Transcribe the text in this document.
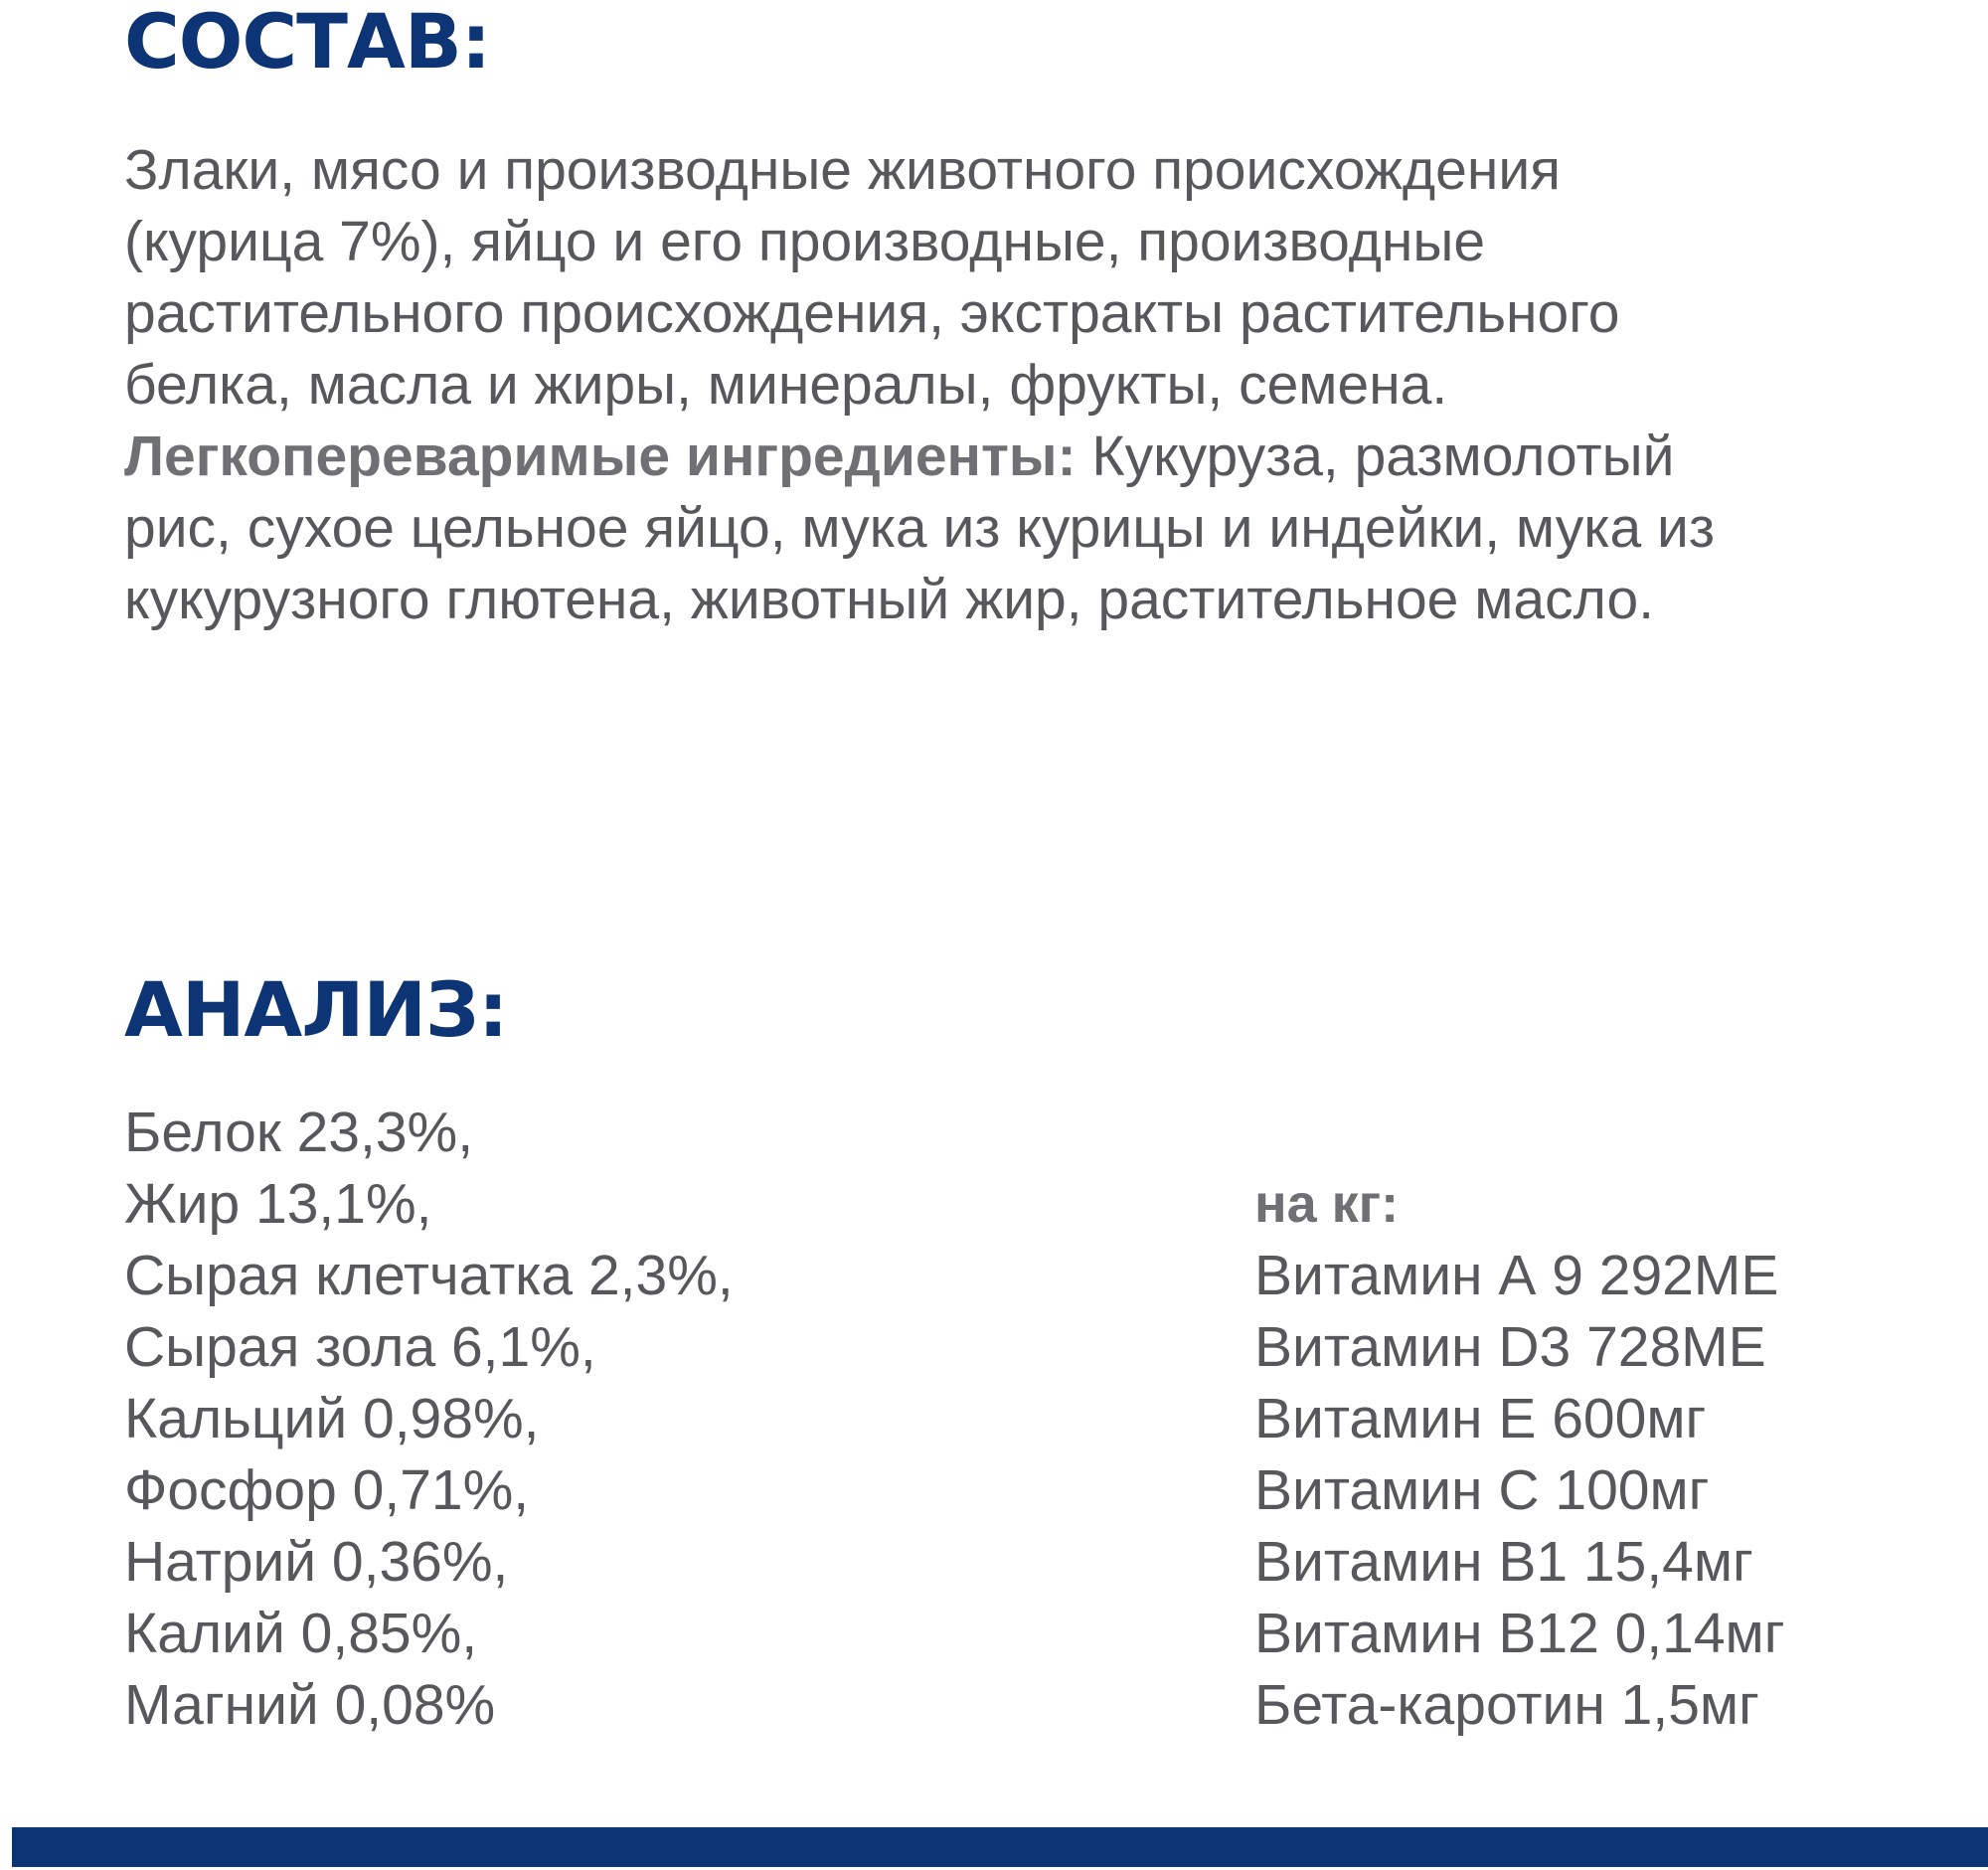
СОСТАВ:

Злаки, мясо и производные животного происхождения
(курица 7%), яйцо и его производные, производные
растительного происхождения, экстракты растительного
белка, масла и жиры, минералы, фрукты, семена.
Легкопереваримые ингредиенты: Кукуруза, размолотый
рис, сухое цельное яйцо, мука из курицы и индейки, мука из
кукурузного глютена, животный жир, растительное масло.

АНАЛИЗ:
Белок 23,3%,
Жир 13,1%,
Сырая клетчатка 2,3%,
Сырая зола 6,1%,
Кальций 0,98%,
Фосфор 0,71%,
Натрий 0,36%,
Калий 0,85%,
Магний 0,08%
на кг:
Витамин А 9 292МЕ
Витамин D3 728МЕ
Витамин Е 600мг
Витамин С 100мг
Витамин В1 15,4мг
Витамин В12 0,14мг
Бета-каротин 1,5мг
